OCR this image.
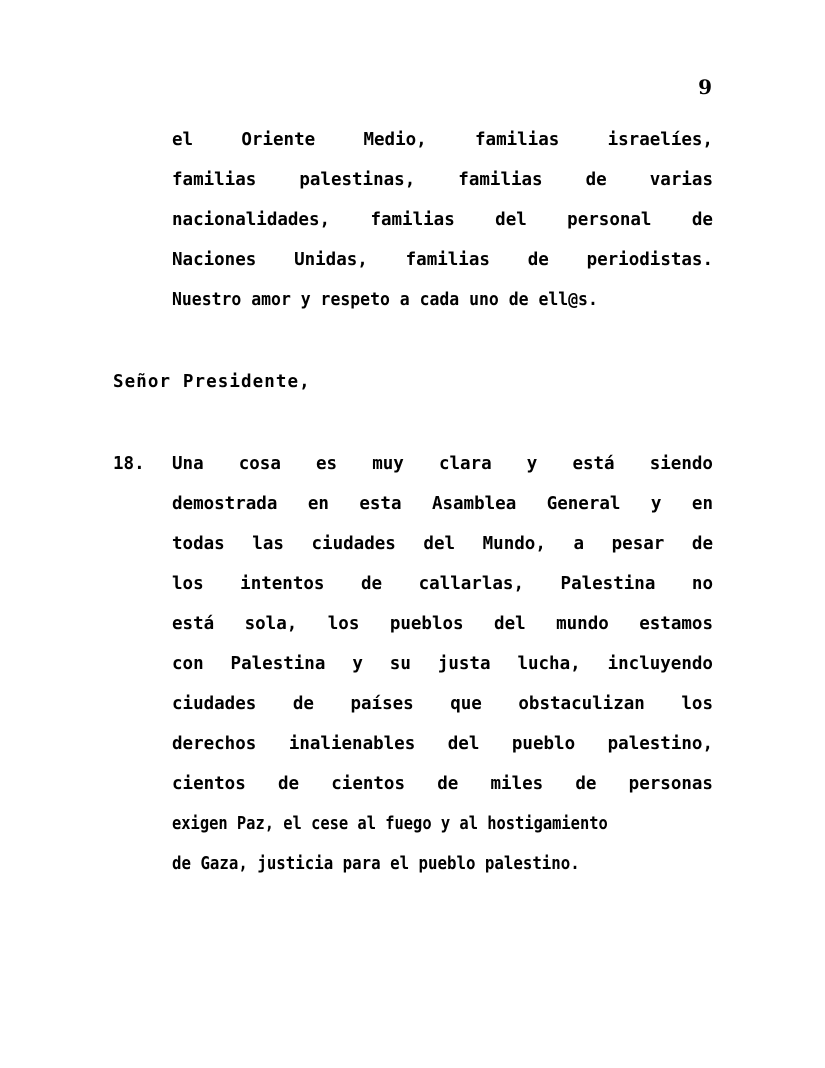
9
el	Oriente	Medio,	familias	israelíes,
familias palestinas, familias de varias
nacionalidades, familias del personal de
Naciones Unidas, familias de periodistas.
Nuestro amor y respeto a cada uno de ell@s.
Señor Presidente,
18.	Una cosa es muy clara y está siendo
demostrada en esta Asamblea General y en
todas las ciudades del Mundo, a pesar de
los intentos de callarlas, Palestina no
está sola, los pueblos del mundo estamos
con Palestina y su justa lucha, incluyendo
ciudades de países que obstaculizan los
derechos inalienables del pueblo palestino,
cientos de cientos de miles de personas
exigen Paz, el cese al fuego y al hostigamiento
de Gaza, justicia para el pueblo palestino.
